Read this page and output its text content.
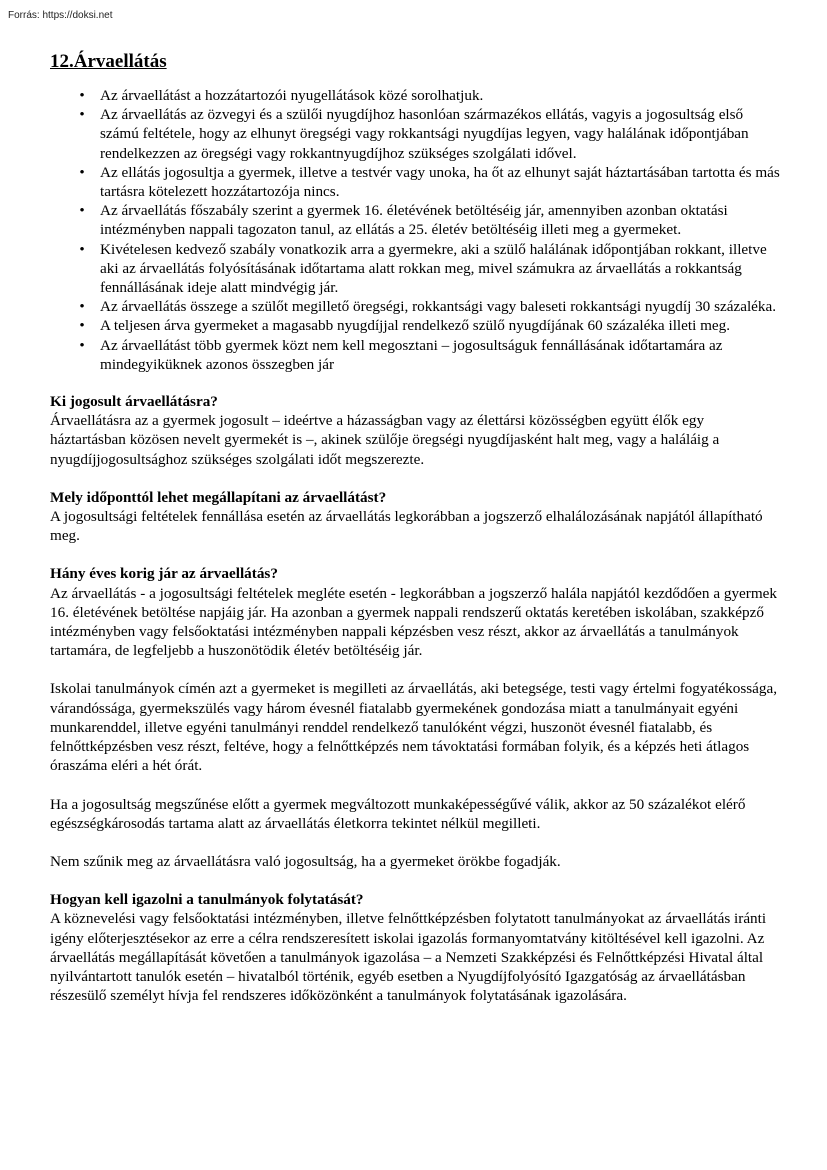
Forrás: https://doksi.net
12.Árvaellátás
• Az árvaellátást a hozzátartozói nyugellátások közé sorolhatjuk.
• Az árvaellátás az özvegyi és a szülői nyugdíjhoz hasonlóan származékos ellátás, vagyis a jogosultság első számú feltétele, hogy az elhunyt öregségi vagy rokkantsági nyugdíjas legyen, vagy halálának időpontjában rendelkezzen az öregségi vagy rokkantnyugdíjhoz szükséges szolgálati idővel.
• Az ellátás jogosultja a gyermek, illetve a testvér vagy unoka, ha őt az elhunyt saját háztartásában tartotta és más tartásra kötelezett hozzátartozója nincs.
• Az árvaellátás főszabály szerint a gyermek 16. életévének betöltéséig jár, amennyiben azonban oktatási intézményben nappali tagozaton tanul, az ellátás a 25. életév betöltéséig illeti meg a gyermeket.
• Kivételesen kedvező szabály vonatkozik arra a gyermekre, aki a szülő halálának időpontjában rokkant, illetve aki az árvaellátás folyósításának időtartama alatt rokkan meg, mivel számukra az árvaellátás a rokkantság fennállásának ideje alatt mindvégig jár.
• Az árvaellátás összege a szülőt megillető öregségi, rokkantsági vagy baleseti rokkantsági nyugdíj 30 százaléka.
• A teljesen árva gyermeket a magasabb nyugdíjjal rendelkező szülő nyugdíjának 60 százaléka illeti meg.
• Az árvaellátást több gyermek közt nem kell megosztani – jogosultságuk fennállásának időtartamára az mindegyiküknek azonos összegben jár
Ki jogosult árvaellátásra?

Árvaellátásra az a gyermek jogosult – ideértve a házasságban vagy az élettársi közösségben együtt élők egy háztartásban közösen nevelt gyermekét is –, akinek szülője öregségi nyugdíjasként halt meg, vagy a haláláig a nyugdíjjogosultsághoz szükséges szolgálati időt megszerezte.

Mely időponttól lehet megállapítani az árvaellátást?

A jogosultsági feltételek fennállása esetén az árvaellátás legkorábban a jogszerző elhalálozásának napjától állapítható meg.

Hány éves korig jár az árvaellátás?

Az árvaellátás - a jogosultsági feltételek megléte esetén - legkorábban a jogszerző halála napjától kezdődően a gyermek 16. életévének betöltése napjáig jár. Ha azonban a gyermek nappali rendszerű oktatás keretében iskolában, szakképző intézményben vagy felsőoktatási intézményben nappali képzésben vesz részt, akkor az árvaellátás a tanulmányok tartamára, de legfeljebb a huszonötödik életév betöltéséig jár.

Iskolai tanulmányok címén azt a gyermeket is megilleti az árvaellátás, aki betegsége, testi vagy értelmi fogyatékossága, várandóssága, gyermekszülés vagy három évesnél fiatalabb gyermekének gondozása miatt a tanulmányait egyéni munkarenddel, illetve egyéni tanulmányi renddel rendelkező tanulóként végzi, huszonöt évesnél fiatalabb, és felnőttképzésben vesz részt, feltéve, hogy a felnőttképzés nem távoktatási formában folyik, és a képzés heti átlagos óraszáma eléri a hét órát.

Ha a jogosultság megszűnése előtt a gyermek megváltozott munkaképességűvé válik, akkor az 50 százalékot elérő egészségkárosodás tartama alatt az árvaellátás életkorra tekintet nélkül megilleti.

Nem szűnik meg az árvaellátásra való jogosultság, ha a gyermeket örökbe fogadják.

Hogyan kell igazolni a tanulmányok folytatását?

A köznevelési vagy felsőoktatási intézményben, illetve felnőttképzésben folytatott tanulmányokat az árvaellátás iránti igény előterjesztésekor az erre a célra rendszeresített iskolai igazolás formanyomtatvány kitöltésével kell igazolni. Az árvaellátás megállapítását követően a tanulmányok igazolása – a Nemzeti Szakképzési és Felnőttképzési Hivatal által nyilvántartott tanulók esetén – hivatalból történik, egyéb esetben a Nyugdíjfolyósító Igazgatóság az árvaellátásban részesülő személyt hívja fel rendszeres időközönként a tanulmányok folytatásának igazolására.
